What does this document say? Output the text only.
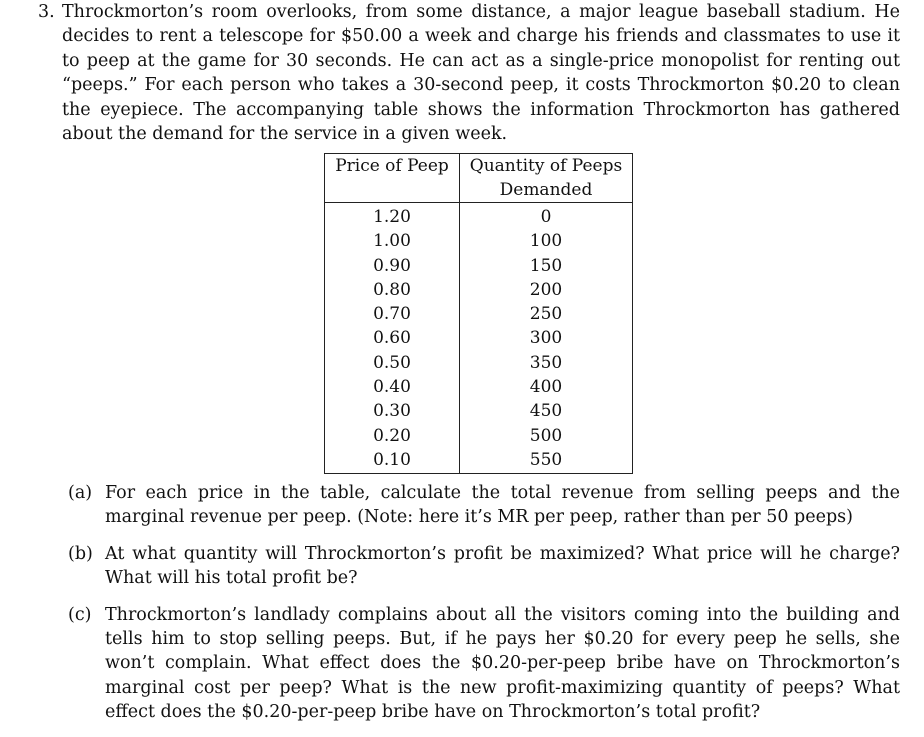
3. Throckmorton’s room overlooks, from some distance, a major league baseball stadium. He decides to rent a telescope for $50.00 a week and charge his friends and classmates to use it to peep at the game for 30 seconds. He can act as a single-price monopolist for renting out “peeps.” For each person who takes a 30-second peep, it costs Throckmorton $0.20 to clean the eyepiece. The accompanying table shows the information Throckmorton has gathered about the demand for the service in a given week.
Price of Peep	Quantity of Peeps Demanded
1.20	0
1.00	100
0.90	150
0.80	200
0.70	250
0.60	300
0.50	350
0.40	400
0.30	450
0.20	500
0.10	550
(a) For each price in the table, calculate the total revenue from selling peeps and the marginal revenue per peep. (Note: here it’s MR per peep, rather than per 50 peeps)
(b) At what quantity will Throckmorton’s profit be maximized? What price will he charge? What will his total profit be?
(c) Throckmorton’s landlady complains about all the visitors coming into the building and tells him to stop selling peeps. But, if he pays her $0.20 for every peep he sells, she won’t complain. What effect does the $0.20-per-peep bribe have on Throckmorton’s marginal cost per peep? What is the new profit-maximizing quantity of peeps? What effect does the $0.20-per-peep bribe have on Throckmorton’s total profit?
